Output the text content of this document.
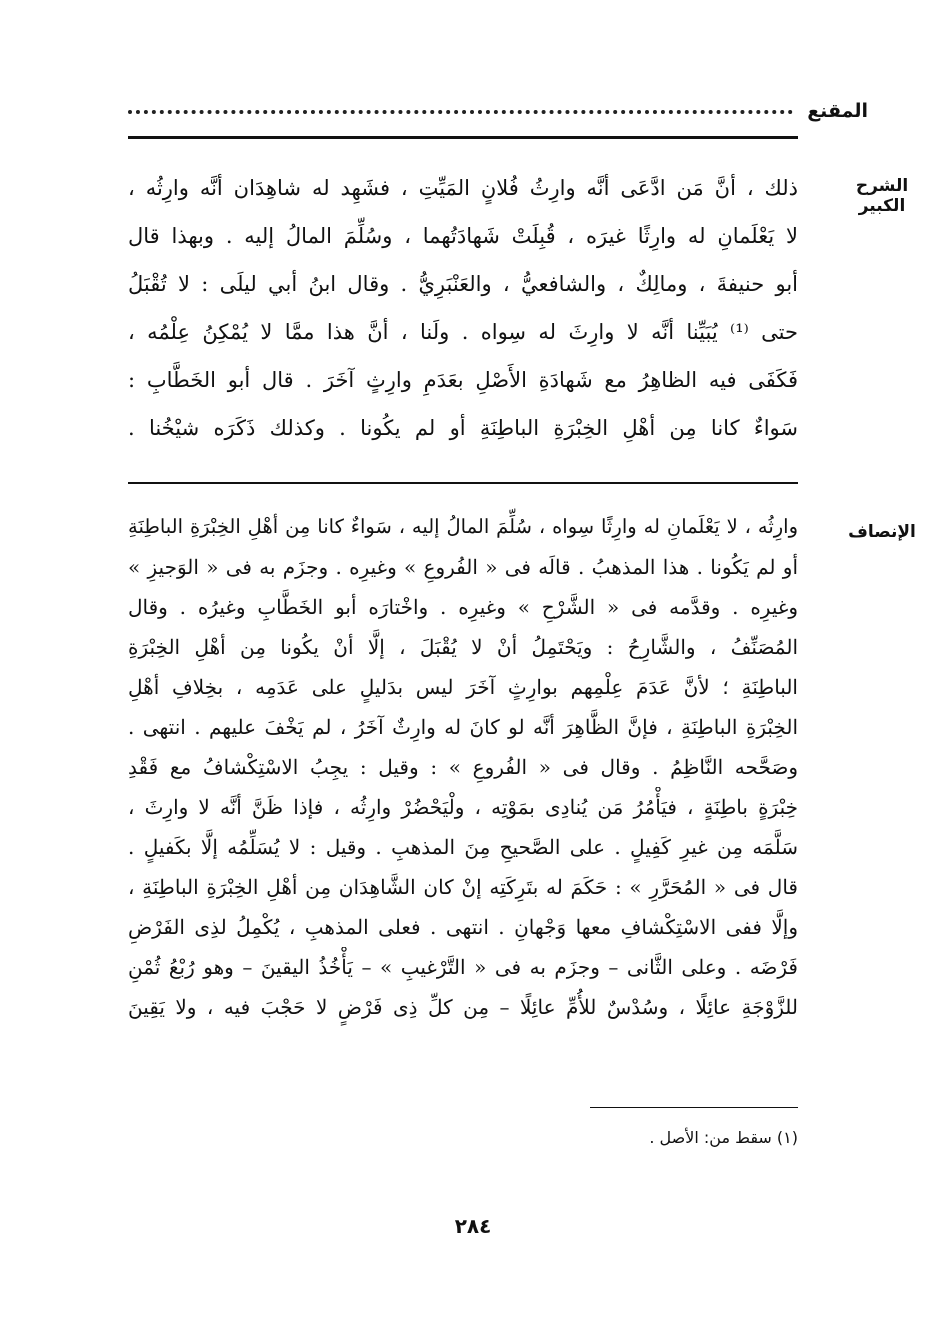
المقنع
الشرح الكبير
ذلك ، أنَّ مَن ادَّعَى أنَّه وارِثُ فُلانٍ المَيِّتِ ، فشَهِد له شاهِدَان أنَّه وارِثُه ،
لا يَعْلَمانِ له وارِثًا غيرَه ، قُبِلَتْ شَهادَتُهما ، وسُلِّمَ المالُ إليه . وبهذا قال
أبو حنيفةَ ، ومالِكٌ ، والشافعيُّ ، والعَنْبَرِيُّ . وقال ابنُ أبي ليلَى : لا تُقْبَلُ
حتى ⁽¹⁾ يُبَيِّنا أنَّه لا وارِثَ له سِواه . ولَنا ، أنَّ هذا ممَّا لا يُمْكِنُ عِلْمُه ،
فَكَفَى فيه الظاهِرُ مع شَهادَةِ الأَصْلِ بعَدَمِ وارِثٍ آخَرَ . قال أبو الخَطَّابِ :
سَواءٌ كانا مِن أهْلِ الخِبْرَةِ الباطِنَةِ أو لم يكُونا . وكذلك ذَكَرَه شيْخُنا .
الإنصاف
وارِثُه ، لا يَعْلَمانِ له وارِثًا سِواه ، سُلِّمَ المالُ إليه ، سَواءٌ كانا مِن أهْلِ الخِبْرَةِ الباطِنَةِ
أو لم يَكُونا . هذا المذهبُ . قالَه فى « الفُروعِ » وغيرِه . وجزَم به فى « الوَجيزِ »
وغيرِه . وقدَّمه فى « الشَّرْحِ » وغيرِه . واخْتارَه أبو الخَطَّابِ وغيرُه . وقال
المُصَنِّفُ ، والشَّارِحُ : ويَحْتَمِلُ أنْ لا يُقْبَلَ ، إلَّا أنْ يكُونا مِن أهْلِ الخِبْرَةِ
الباطِنَةِ ؛ لأنَّ عَدَمَ عِلْمِهم بوارِثٍ آخَرَ ليس بدَليلٍ على عَدَمِه ، بخِلافِ أهْلِ
الخِبْرَةِ الباطِنَةِ ، فإنَّ الظَّاهِرَ أنَّه لو كانَ له وارِثٌ آخَرُ ، لم يَخْفَ عليهم . انتهى .
وصَحَّحه النَّاظِمُ . وقال فى « الفُروعِ » : وقيل : يجِبُ الاسْتِكْشافُ مع فَقْدِ
خِبْرَةٍ باطِنَةٍ ، فيَأْمُرُ مَن يُنادِى بمَوْتِه ، ولْيَحْضُرْ وارِثُه ، فإذا ظَنَّ أنَّه لا وارِثَ ،
سَلَّمَه مِن غيرِ كَفِيلٍ . على الصَّحيحِ مِنَ المذهبِ . وقيل : لا يُسَلِّمُه إلَّا بكَفيلٍ .
قال فى « المُحَرَّرِ » : حَكَمَ له بتَرِكَتِه إنْ كان الشَّاهِدَان مِن أهْلِ الخِبْرَةِ الباطِنَةِ ،
وإلَّا ففى الاسْتِكْشافِ معها وَجْهانِ . انتهى . فعلى المذهبِ ، يُكْمِلُ لذِى الفَرْضِ
فَرْضَه . وعلى الثَّانى – وجزَم به فى « التَّرْغيبِ » – يَأْخُذُ اليقينَ – وهو رُبْعُ ثُمْنِ
للزَّوْجَةِ عائِلًا ، وسُدْسٌ للأُمِّ عائِلًا – مِن كلِّ ذِى فَرْضٍ لا حَجْبَ فيه ، ولا يَقِينَ
(١) سقط من: الأصل .
٢٨٤
